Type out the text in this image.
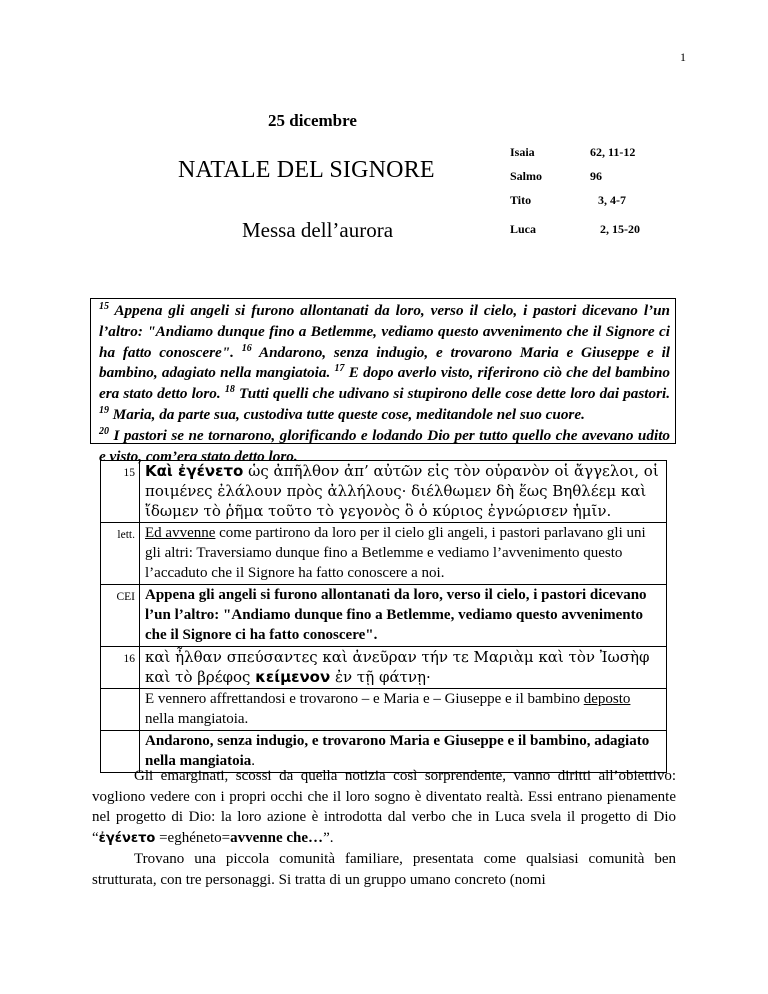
1
25 dicembre
NATALE DEL SIGNORE
Messa dell’aurora
Isaia	62, 11-12
Salmo	96
Tito	3, 4-7
Luca	2, 15-20

$^{15}$ Appena gli angeli si furono allontanati da loro, verso il cielo, i pastori dicevano l’un l’altro: "Andiamo dunque fino a Betlemme, vediamo questo avvenimento che il Signore ci ha fatto conoscere". $^{16}$ Andarono, senza indugio, e trovarono Maria e Giuseppe e il bambino, adagiato nella mangiatoia. $^{17}$ E dopo averlo visto, riferirono ciò che del bambino era stato detto loro. $^{18}$ Tutti quelli che udivano si stupirono delle cose dette loro dai pastori. $^{19}$ Maria, da parte sua, custodiva tutte queste cose, meditandole nel suo cuore.
$^{20}$ I pastori se ne tornarono, glorificando e lodando Dio per tutto quello che avevano udito e visto, com’era stato detto loro.

15	Καὶ ἐγένετο ὡς ἀπῆλθον ἀπ’ αὐτῶν εἰς τὸν οὐρανὸν οἱ ἄγγελοι, οἱ ποιμένες ἐλάλουν πρὸς ἀλλήλους· διέλθωμεν δὴ ἕως Βηθλέεμ καὶ ἴδωμεν τὸ ῥῆμα τοῦτο τὸ γεγονὸς ὃ ὁ κύριος ἐγνώρισεν ἡμῖν.
lett.	Ed avvenne come partirono da loro per il cielo gli angeli, i pastori parlavano gli uni gli altri: Traversiamo dunque fino a Betlemme e vediamo l’avvenimento questo l’accaduto che il Signore ha fatto conoscere a noi.
CEI	Appena gli angeli si furono allontanati da loro, verso il cielo, i pastori dicevano l’un l’altro: "Andiamo dunque fino a Betlemme, vediamo questo avvenimento che il Signore ci ha fatto conoscere".
16	καὶ ἦλθαν σπεύσαντες καὶ ἀνεῦραν τήν τε Μαριὰμ καὶ τὸν Ἰωσὴφ καὶ τὸ βρέφος κείμενον ἐν τῇ φάτνῃ·
	E vennero affrettandosi e trovarono – e Maria e – Giuseppe e il bambino deposto nella mangiatoia.
	Andarono, senza indugio, e trovarono Maria e Giuseppe e il bambino, adagiato nella mangiatoia.

Gli emarginati, scossi da quella notizia così sorprendente, vanno diritti all’obiettivo: vogliono vedere con i propri occhi che il loro sogno è diventato realtà. Essi entrano pienamente nel progetto di Dio: la loro azione è introdotta dal verbo che in Luca svela il progetto di Dio “ἐγένετο =eghéneto=avvenne che…”.

Trovano una piccola comunità familiare, presentata come qualsiasi comunità ben strutturata, con tre personaggi. Si tratta di un gruppo umano concreto (nomi
